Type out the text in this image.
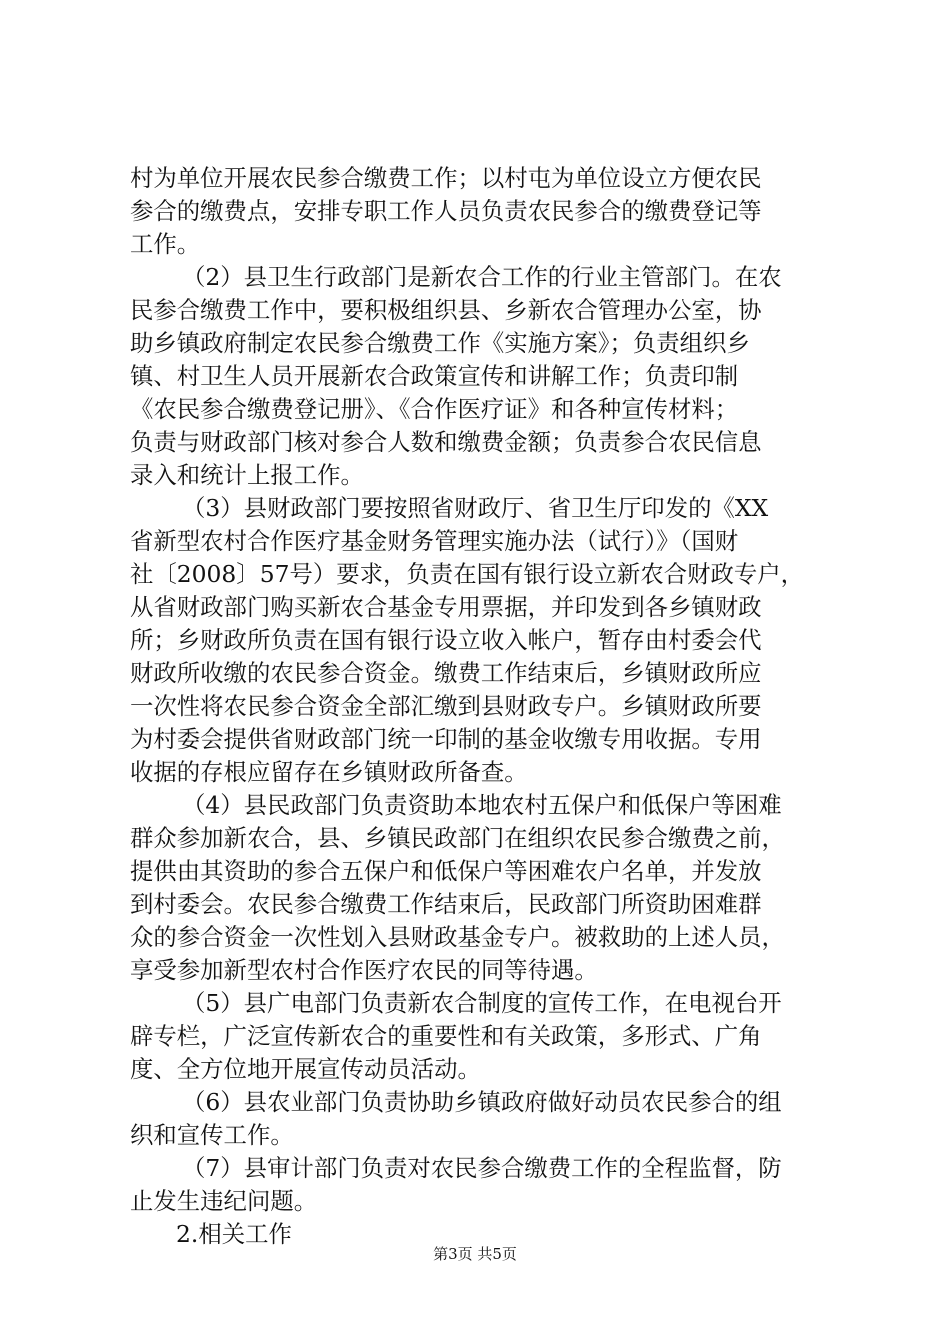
村为单位开展农民参合缴费工作；以村屯为单位设立方便农民
参合的缴费点，安排专职工作人员负责农民参合的缴费登记等
工作。

（2）县卫生行政部门是新农合工作的行业主管部门。在农
民参合缴费工作中，要积极组织县、乡新农合管理办公室，协
助乡镇政府制定农民参合缴费工作《实施方案》；负责组织乡
镇、村卫生人员开展新农合政策宣传和讲解工作；负责印制
《农民参合缴费登记册》、《合作医疗证》和各种宣传材料；
负责与财政部门核对参合人数和缴费金额；负责参合农民信息
录入和统计上报工作。

（3）县财政部门要按照省财政厅、省卫生厅印发的《XX
省新型农村合作医疗基金财务管理实施办法（试行）》（国财
社〔2008〕57号）要求，负责在国有银行设立新农合财政专户，
从省财政部门购买新农合基金专用票据，并印发到各乡镇财政
所；乡财政所负责在国有银行设立收入帐户，暂存由村委会代
财政所收缴的农民参合资金。缴费工作结束后，乡镇财政所应
一次性将农民参合资金全部汇缴到县财政专户。乡镇财政所要
为村委会提供省财政部门统一印制的基金收缴专用收据。专用
收据的存根应留存在乡镇财政所备查。

（4）县民政部门负责资助本地农村五保户和低保户等困难
群众参加新农合，县、乡镇民政部门在组织农民参合缴费之前，
提供由其资助的参合五保户和低保户等困难农户名单，并发放
到村委会。农民参合缴费工作结束后，民政部门所资助困难群
众的参合资金一次性划入县财政基金专户。被救助的上述人员，
享受参加新型农村合作医疗农民的同等待遇。

（5）县广电部门负责新农合制度的宣传工作，在电视台开
辟专栏，广泛宣传新农合的重要性和有关政策，多形式、广角
度、全方位地开展宣传动员活动。

（6）县农业部门负责协助乡镇政府做好动员农民参合的组
织和宣传工作。

（7）县审计部门负责对农民参合缴费工作的全程监督，防
止发生违纪问题。

2.相关工作

第3页 共5页
